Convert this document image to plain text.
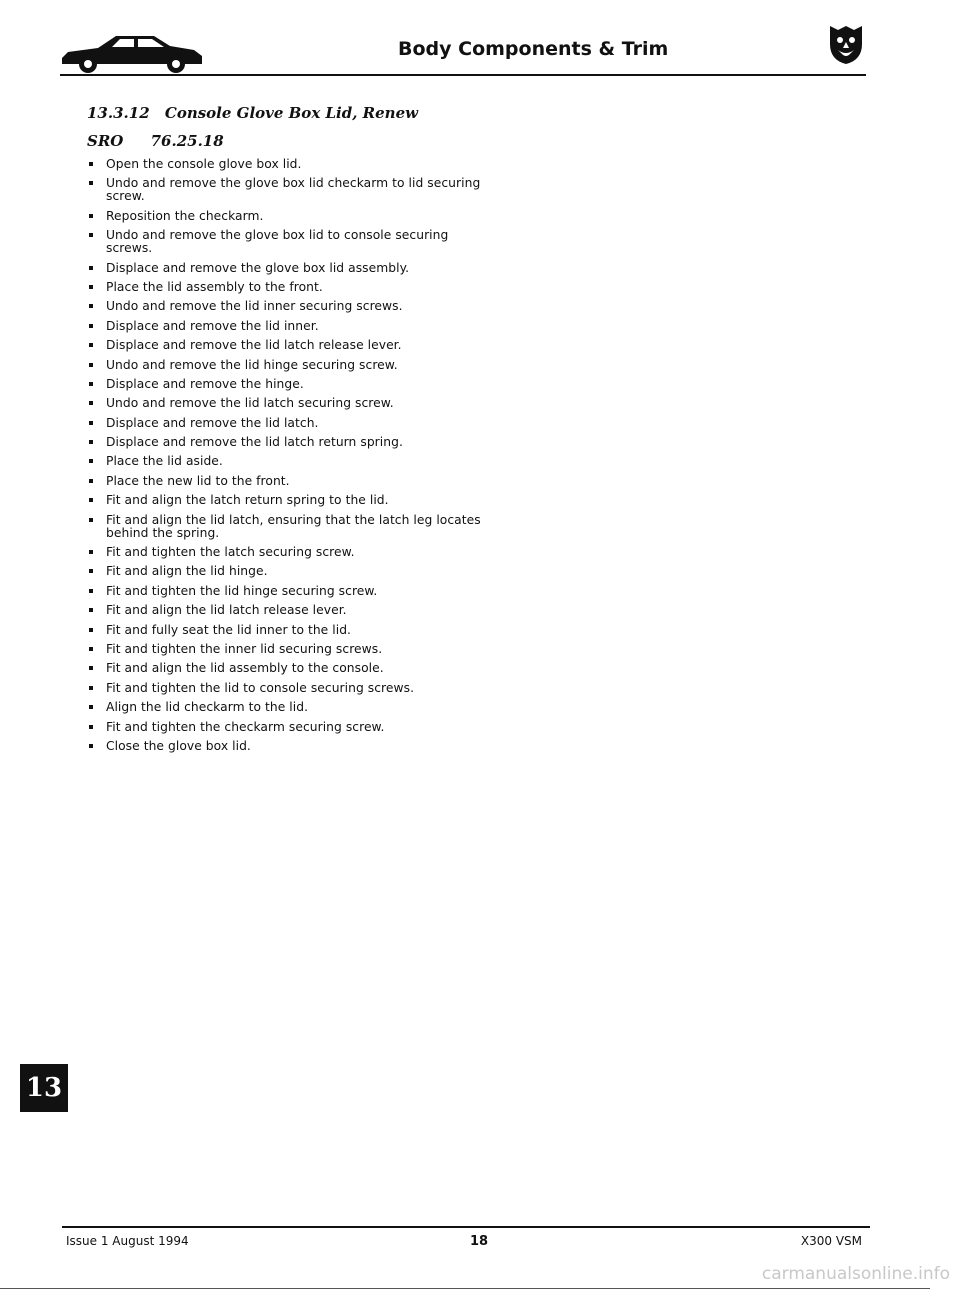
Body Components & Trim
13.3.12 Console Glove Box Lid, Renew
SRO 76.25.18
Open the console glove box lid.
Undo and remove the glove box lid checkarm to lid securing screw.
Reposition the checkarm.
Undo and remove the glove box lid to console securing screws.
Displace and remove the glove box lid assembly.
Place the lid assembly to the front.
Undo and remove the lid inner securing screws.
Displace and remove the lid inner.
Displace and remove the lid latch release lever.
Undo and remove the lid hinge securing screw.
Displace and remove the hinge.
Undo and remove the lid latch securing screw.
Displace and remove the lid latch.
Displace and remove the lid latch return spring.
Place the lid aside.
Place the new lid to the front.
Fit and align the latch return spring to the lid.
Fit and align the lid latch, ensuring that the latch leg locates behind the spring.
Fit and tighten the latch securing screw.
Fit and align the lid hinge.
Fit and tighten the lid hinge securing screw.
Fit and align the lid latch release lever.
Fit and fully seat the lid inner to the lid.
Fit and tighten the inner lid securing screws.
Fit and align the lid assembly to the console.
Fit and tighten the lid to console securing screws.
Align the lid checkarm to the lid.
Fit and tighten the checkarm securing screw.
Close the glove box lid.
13
Issue 1 August 1994	18	X300 VSM
carmanualsonline.info
